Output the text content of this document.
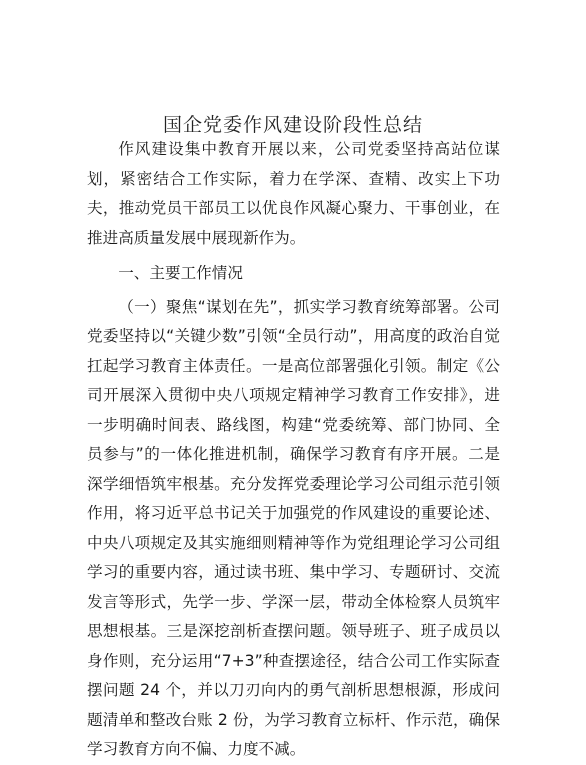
国企党委作风建设阶段性总结

作风建设集中教育开展以来，公司党委坚持高站位谋划，紧密结合工作实际，着力在学深、查精、改实上下功夫，推动党员干部员工以优良作风凝心聚力、干事创业，在推进高质量发展中展现新作为。

一、主要工作情况

（一）聚焦“谋划在先”，抓实学习教育统筹部署。公司党委坚持以“关键少数”引领“全员行动”，用高度的政治自觉扛起学习教育主体责任。一是高位部署强化引领。制定《公司开展深入贯彻中央八项规定精神学习教育工作安排》，进一步明确时间表、路线图，构建“党委统筹、部门协同、全员参与”的一体化推进机制，确保学习教育有序开展。二是深学细悟筑牢根基。充分发挥党委理论学习公司组示范引领作用，将习近平总书记关于加强党的作风建设的重要论述、中央八项规定及其实施细则精神等作为党组理论学习公司组学习的重要内容，通过读书班、集中学习、专题研讨、交流发言等形式，先学一步、学深一层，带动全体检察人员筑牢思想根基。三是深挖剖析查摆问题。领导班子、班子成员以身作则，充分运用“7+3”种查摆途径，结合公司工作实际查摆问题 24 个，并以刀刃向内的勇气剖析思想根源，形成问题清单和整改台账 2 份，为学习教育立标杆、作示范，确保学习教育方向不偏、力度不减。
